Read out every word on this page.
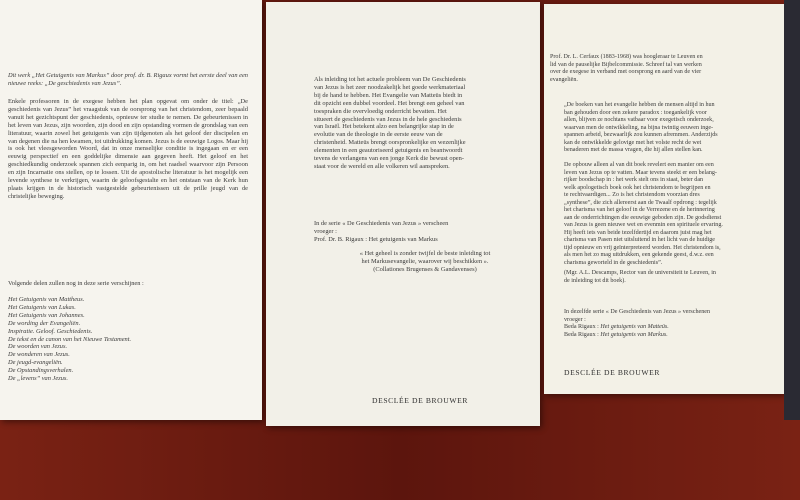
Dit werk „Het Getuigenis van Markus” door prof. dr. B. Rigaux vormt het eerste deel van een nieuwe reeks: „De geschiedenis van Jezus”.
Enkele professoren in de exegese hebben het plan opgevat om onder de titel: „De geschiedenis van Jezus” het vraagstuk van de oorsprong van het christendom, zeer bepaald vanuit het gezichtspunt der geschiedenis, opnieuw ter studie te nemen. De gebeurtenissen in het leven van Jezus, zijn woorden, zijn dood en zijn opstanding vormen de grondslag van een literatuur, waarin zowel het getuigenis van zijn tijdgenoten als het geloof der discipelen en van degenen die na hen kwamen, tot uitdrukking komen. Jezus is de eeuwige Logos. Maar hij is ook het vleesgeworden Woord, dat in onze menselijke conditie is ingegaan en er een eeuwig perspectief en een goddelijke dimensie aan gegeven heeft. Het geloof en het geschiedkundig onderzoek spannen zich eenparig in, om het raadsel waarvoor zijn Persoon en zijn Incarnatie ons stellen, op te lossen. Uit de apostolische literatuur is het mogelijk een levende synthese te verkrijgen, waarin de geloofsgestalte en het ontstaan van de Kerk hun plaats krijgen in de historisch vastgestelde gebeurtenissen uit de prille jeugd van de christelijke beweging.
Volgende delen zullen nog in deze serie verschijnen :
Het Getuigenis van Mattheus.
Het Getuigenis van Lukas.
Het Getuigenis van Johannes.
De wording der Evangeliën.
Inspiratie. Geloof. Geschiedenis.
De tekst en de canon van het Nieuwe Testament.
De woorden van Jezus.
De wonderen van Jezus.
De jeugd-evangeliën.
De Opstandingsverhalen.
De „levens” van Jezus.
Als inleiding tot het actuele probleem van De Geschiedenis
van Jezus is het zeer noodzakelijk het goede werkmateriaal
bij de hand te hebben. Het Evangelie van Matteüs biedt in
dit opzicht een dubbel voordeel. Het brengt een geheel van
toespraken die overvloedig onderricht bevatten. Het
situeert de geschiedenis van Jezus in de hele geschiedenis
van Israël. Het betekent alzo een belangrijke stap in de
evolutie van de theologie in de eerste eeuw van de
christenheid. Matteüs brengt oorspronkelijke en wezenlijke
elementen in een geautoriseerd getuigenis en beantwoordt
tevens de verlangens van een jonge Kerk die bewust open-
staat voor de wereld en alle volkeren wil aanspreken.
In de serie « De Geschiedenis van Jezus » verscheen
vroeger :
Prof. Dr. B. Rigaux : Het getuigenis van Markus
« Het geheel is zonder twijfel de beste inleiding tot
het Markusevangelie, waarover wij beschikken ».
(Collationes Brugenses & Gandavenses)
DESCLÉE DE BROUWER
Prof. Dr. L. Cerfaux (1883-1968) was hoogleraar te Leuven en
lid van de pauselijke Bijbelcommissie. Schreef tal van werken
over de exegese in verband met oorsprong en aard van de vier
evangeliën.
„De boeken van het evangelie hebben de mensen altijd in hun
ban gehouden door een zekere paradox : toegankelijk voor
allen, blijven ze nochtans vatbaar voor exegetisch onderzoek,
waarvan men de ontwikkeling, na bijna twintig eeuwen inge-
spannen arbeid, bezwaarlijk zou kunnen afremmen. Anderzijds
kan de ontwikkelde gelovige met het volste recht de wet
benaderen met de massa vragen, die hij allen stellen kan.
De opbouw alleen al van dit boek revelert een manier om een
leven van Jezus op te vatten. Maar tevens steekt er een belang-
rijker boodschap in : het werk stelt ons in staat, beter dan
welk apologetisch boek ook het christendom te begrijpen en
te rechtvaardigen... Zo is het christendom voorzian dres
„synthese”, die zich allereerst aan de Twaalf opdrong : tegelijk
het charisma van het geloof in de Verrezene en de herinnering
aan de onderrichtingen die eeuwige geboden zijn. De godsdienst
van Jezus is geen nieuwe wet en evenmin een spirituele ervaring.
Hij heeft iets van beide tezelfdertijd en daarom juist mag het
charisma van Pasen niet uitsluitend in het licht van de huidige
tijd opnieuw en vrij geïnterpreteerd worden. Het christendom is,
als men het zo mag uitdrukken, een gekende geest, d.w.z. een
charisma geworteld in de geschiedenis”.
(Mgr. A.L. Descamps, Rector van de universiteit te Leuven, in
de inleiding tot dit boek).
In dezelfde serie « De Geschiedenis van Jezus » verschenen
vroeger :
Beda Rigaux : Het getuigenis van Matteüs.
Beda Rigaux : Het getuigenis van Markus.
DESCLÉE DE BROUWER
